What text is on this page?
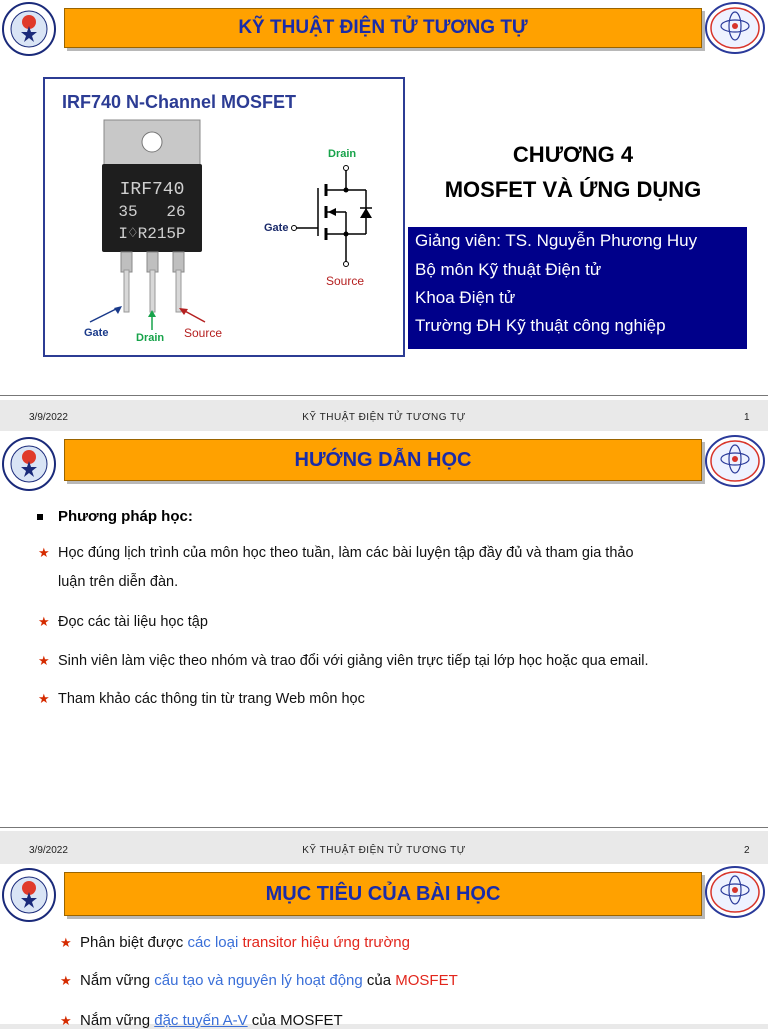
KỸ THUẬT ĐIỆN TỬ TƯƠNG TỰ
IRF740 N-Channel MOSFET
IRF740
35   26
I♢R215P
Gate	Drain Source
Drain
Gate
Source
CHƯƠNG 4
MOSFET VÀ ỨNG DỤNG
Giảng viên: TS. Nguyễn Phương Huy
Bộ môn Kỹ thuật Điện tử
Khoa Điện tử
Trường ĐH Kỹ thuật công nghiệp
3/9/2022	KỸ THUẬT ĐIỆN TỬ TƯƠNG TỰ	1
HƯỚNG DẪN HỌC
Phương pháp học:
★ Học đúng lịch trình của môn học theo tuần, làm các bài luyện tập đầy đủ và tham gia thảo
luận trên diễn đàn.
★ Đọc các tài liệu học tập
★ Sinh viên làm việc theo nhóm và trao đổi với giảng viên trực tiếp tại lớp học hoặc qua email.
★ Tham khảo các thông tin từ trang Web môn học
3/9/2022	KỸ THUẬT ĐIỆN TỬ TƯƠNG TỰ	2
MỤC TIÊU CỦA BÀI HỌC
★ Phân biệt được các loại transitor hiệu ứng trường
★ Nắm vững cấu tạo và nguyên lý hoạt động của MOSFET
★ Nắm vững đặc tuyến A-V của MOSFET
